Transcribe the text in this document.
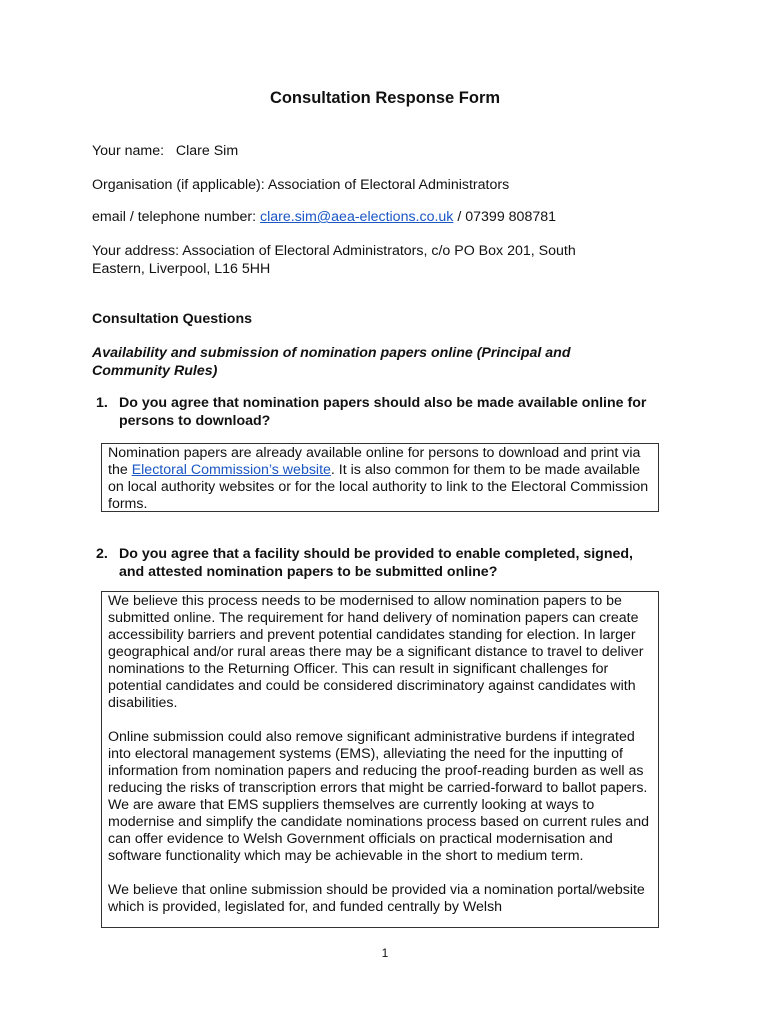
Consultation Response Form
Your name: Clare Sim
Organisation (if applicable): Association of Electoral Administrators
email / telephone number: clare.sim@aea-elections.co.uk / 07399 808781
Your address: Association of Electoral Administrators, c/o PO Box 201, South
Eastern, Liverpool, L16 5HH
Consultation Questions
Availability and submission of nomination papers online (Principal and
Community Rules)
1. Do you agree that nomination papers should also be made available online for persons to download?

Nomination papers are already available online for persons to download and print via the Electoral Commission’s website. It is also common for them to be made available on local authority websites or for the local authority to link to the Electoral Commission forms.

2. Do you agree that a facility should be provided to enable completed, signed, and attested nomination papers to be submitted online?

We believe this process needs to be modernised to allow nomination papers to be submitted online. The requirement for hand delivery of nomination papers can create accessibility barriers and prevent potential candidates standing for election. In larger geographical and/or rural areas there may be a significant distance to travel to deliver nominations to the Returning Officer. This can result in significant challenges for potential candidates and could be considered discriminatory against candidates with disabilities.

Online submission could also remove significant administrative burdens if integrated into electoral management systems (EMS), alleviating the need for the inputting of information from nomination papers and reducing the proof-reading burden as well as reducing the risks of transcription errors that might be carried-forward to ballot papers. We are aware that EMS suppliers themselves are currently looking at ways to modernise and simplify the candidate nominations process based on current rules and can offer evidence to Welsh Government officials on practical modernisation and software functionality which may be achievable in the short to medium term.

We believe that online submission should be provided via a nomination portal/website which is provided, legislated for, and funded centrally by Welsh

1
